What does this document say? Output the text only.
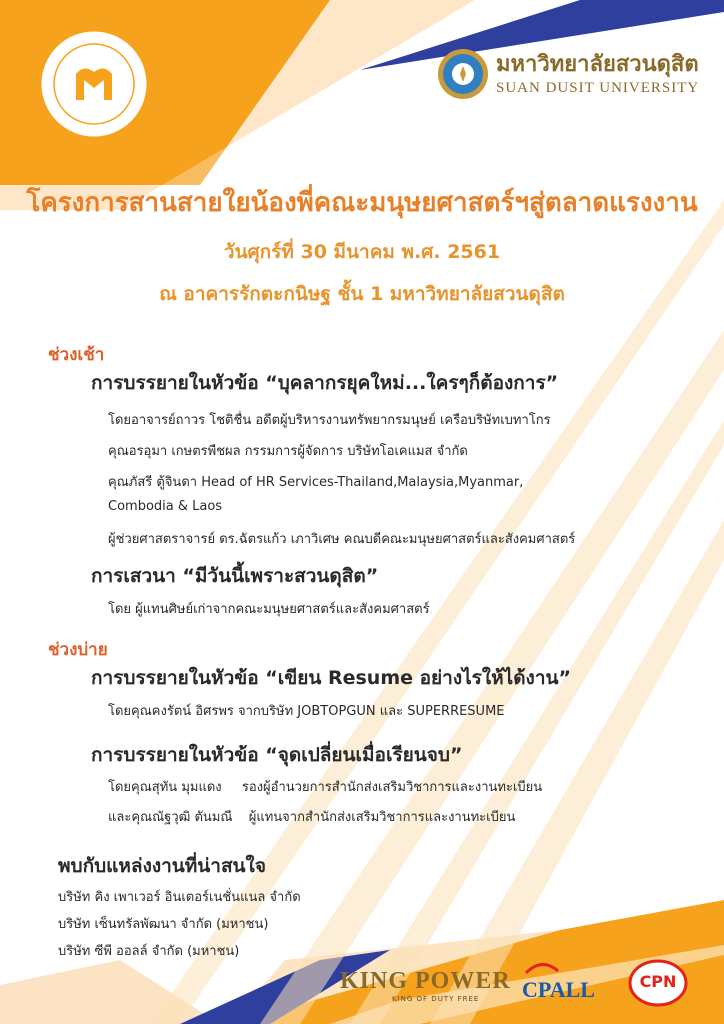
มหาวิทยาลัยสวนดุสิต
SUAN DUSIT UNIVERSITY
โครงการสานสายใยน้องพี่คณะมนุษยศาสตร์ฯสู่ตลาดแรงงาน
วันศุกร์ที่ 30 มีนาคม พ.ศ. 2561
ณ อาคารรักตะกนิษฐ ชั้น 1 มหาวิทยาลัยสวนดุสิต
ช่วงเช้า
การบรรยายในหัวข้อ “บุคลากรยุคใหม่...ใครๆก็ต้องการ”
โดยอาจารย์ถาวร โชติชื่น อดีตผู้บริหารงานทรัพยากรมนุษย์ เครือบริษัทเบทาโกร
คุณอรอุมา เกษตรพืชผล กรรมการผู้จัดการ บริษัทโอเคแมส จำกัด
คุณภัสรี ตู้จินดา Head of HR Services-Thailand,Malaysia,Myanmar,
Combodia & Laos
ผู้ช่วยศาสตราจารย์ ดร.ฉัตรแก้ว เภาวิเศษ คณบดีคณะมนุษยศาสตร์และสังคมศาสตร์
การเสวนา “มีวันนี้เพราะสวนดุสิต”
โดย ผู้แทนศิษย์เก่าจากคณะมนุษยศาสตร์และสังคมศาสตร์
ช่วงบ่าย
การบรรยายในหัวข้อ “เขียน Resume อย่างไรให้ได้งาน”
โดยคุณคงรัตน์ อิศรพร จากบริษัท JOBTOPGUN และ SUPERRESUME
การบรรยายในหัวข้อ “จุดเปลี่ยนเมื่อเรียนจบ”
โดยคุณสุทัน มุมแดง รองผู้อำนวยการสำนักส่งเสริมวิชาการและงานทะเบียน
และคุณณัฐวุฒิ ตันมณี ผู้แทนจากสำนักส่งเสริมวิชาการและงานทะเบียน
พบกับแหล่งงานที่น่าสนใจ
บริษัท คิง เพาเวอร์ อินเตอร์เนชั่นแนล จำกัด
บริษัท เซ็นทรัลพัฒนา จำกัด (มหาชน)
บริษัท ซีพี ออลล์ จำกัด (มหาชน)
KING POWER
KING OF DUTY FREE	CPALL	CPN
